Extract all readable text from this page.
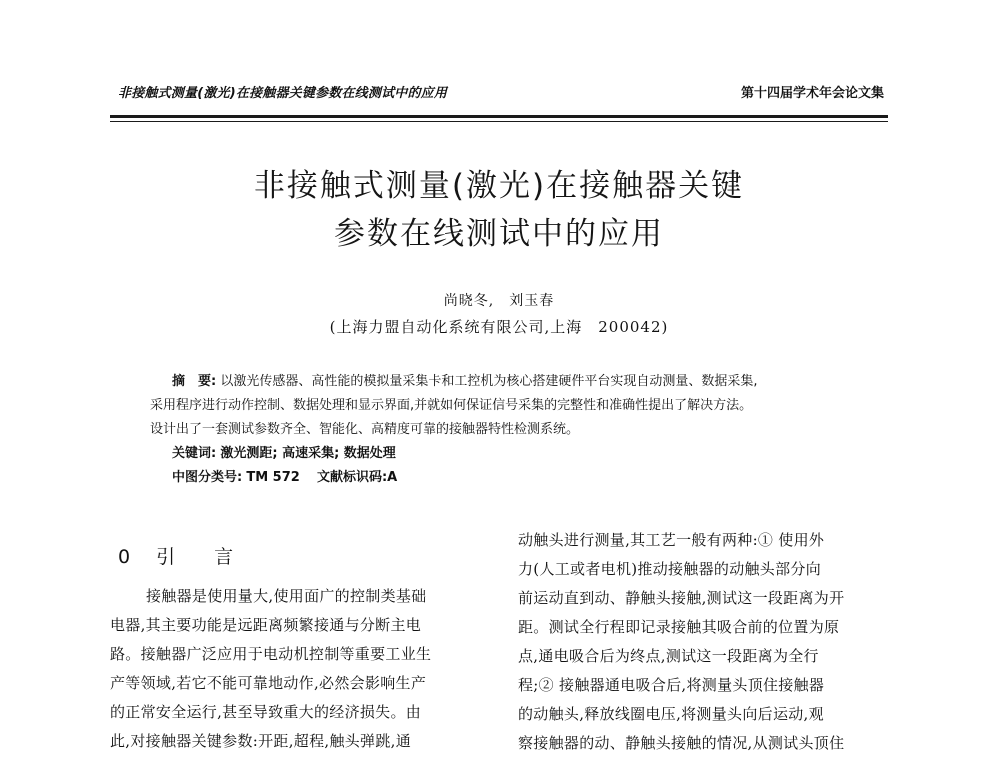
非接触式测量(激光)在接触器关键参数在线测试中的应用	第十四届学术年会论文集
非接触式测量(激光)在接触器关键
参数在线测试中的应用
尚晓冬,　刘玉春
(上海力盟自动化系统有限公司,上海　200042)
摘　要: 以激光传感器、高性能的模拟量采集卡和工控机为核心搭建硬件平台实现自动测量、数据采集,
采用程序进行动作控制、数据处理和显示界面,并就如何保证信号采集的完整性和准确性提出了解决方法。
设计出了一套测试参数齐全、智能化、高精度可靠的接触器特性检测系统。
关键词: 激光测距; 高速采集; 数据处理
中图分类号: TM 572　 文献标识码:A
0 引　言
接触器是使用量大,使用面广的控制类基础
电器,其主要功能是远距离频繁接通与分断主电
路。接触器广泛应用于电动机控制等重要工业生
产等领域,若它不能可靠地动作,必然会影响生产
的正常安全运行,甚至导致重大的经济损失。由
此,对接触器关键参数:开距,超程,触头弹跳,通
动触头进行测量,其工艺一般有两种:① 使用外
力(人工或者电机)推动接触器的动触头部分向
前运动直到动、静触头接触,测试这一段距离为开
距。测试全行程即记录接触其吸合前的位置为原
点,通电吸合后为终点,测试这一段距离为全行
程;② 接触器通电吸合后,将测量头顶住接触器
的动触头,释放线圈电压,将测量头向后运动,观
察接触器的动、静触头接触的情况,从测试头顶住
